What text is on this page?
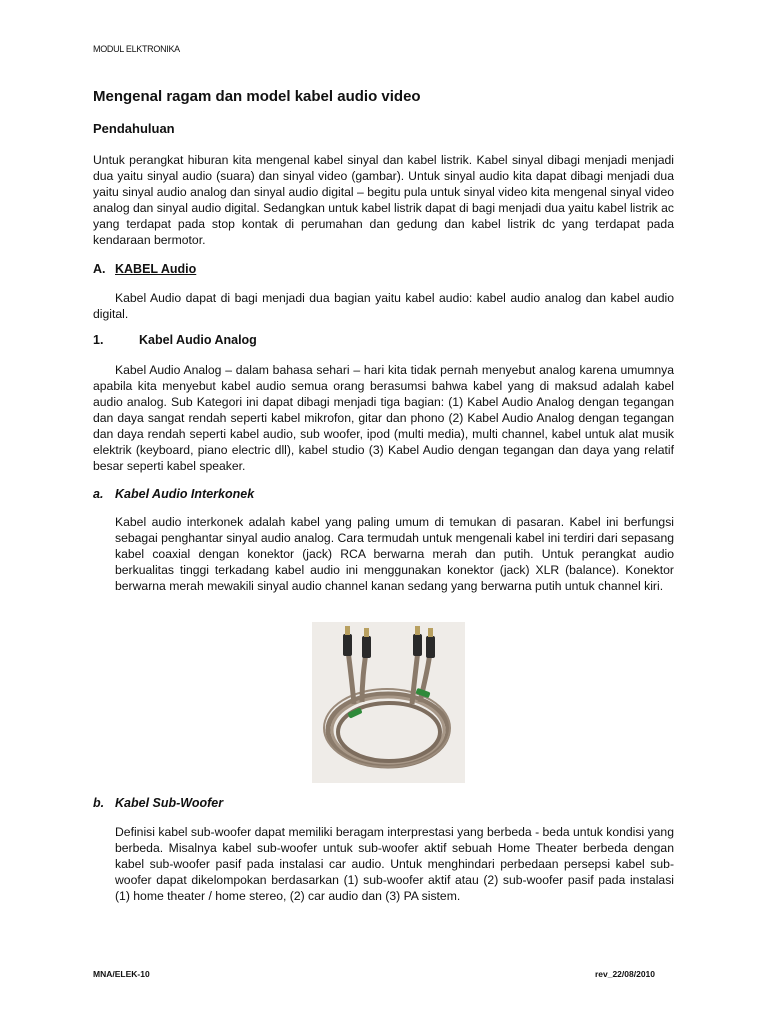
MODUL ELKTRONIKA
Mengenal ragam dan model kabel audio video
Pendahuluan

Untuk perangkat hiburan kita mengenal kabel sinyal dan kabel listrik. Kabel sinyal dibagi menjadi menjadi dua yaitu sinyal audio (suara) dan sinyal video (gambar). Untuk sinyal audio kita dapat dibagi menjadi dua yaitu sinyal audio analog dan sinyal audio digital – begitu pula untuk sinyal video kita mengenal sinyal video analog dan sinyal audio digital. Sedangkan untuk kabel listrik dapat di bagi menjadi dua yaitu kabel listrik ac yang terdapat pada stop kontak di perumahan dan gedung dan kabel listrik dc yang terdapat pada kendaraan bermotor.

A. KABEL Audio

Kabel Audio dapat di bagi menjadi dua bagian yaitu kabel audio: kabel audio analog dan kabel audio digital.

1.	Kabel Audio Analog

Kabel Audio Analog – dalam bahasa sehari – hari kita tidak pernah menyebut analog karena umumnya apabila kita menyebut kabel audio semua orang berasumsi bahwa kabel yang di maksud adalah kabel audio analog. Sub Kategori ini dapat dibagi menjadi tiga bagian: (1) Kabel Audio Analog dengan tegangan dan daya sangat rendah seperti kabel mikrofon, gitar dan phono (2) Kabel Audio Analog dengan tegangan dan daya rendah seperti kabel audio, sub woofer, ipod (multi media), multi channel, kabel untuk alat musik elektrik (keyboard, piano electric dll), kabel studio (3) Kabel Audio dengan tegangan dan daya yang relatif besar seperti kabel speaker.

a. Kabel Audio Interkonek

Kabel audio interkonek adalah kabel yang paling umum di temukan di pasaran. Kabel ini berfungsi sebagai penghantar sinyal audio analog. Cara termudah untuk mengenali kabel ini terdiri dari sepasang kabel coaxial dengan konektor (jack) RCA berwarna merah dan putih. Untuk perangkat audio berkualitas tinggi terkadang kabel audio ini menggunakan konektor (jack) XLR (balance). Konektor berwarna merah mewakili sinyal audio channel kanan sedang yang berwarna putih untuk channel kiri.

b. Kabel Sub-Woofer

Definisi kabel sub-woofer dapat memiliki beragam interprestasi yang berbeda - beda untuk kondisi yang berbeda. Misalnya kabel sub-woofer untuk sub-woofer aktif sebuah Home Theater berbeda dengan kabel sub-woofer pasif pada instalasi car audio. Untuk menghindari perbedaan persepsi kabel sub-woofer dapat dikelompokan berdasarkan (1) sub-woofer aktif atau (2) sub-woofer pasif pada instalasi (1) home theater / home stereo, (2) car audio dan (3) PA sistem.

MNA/ELEK-10	rev_22/08/2010
